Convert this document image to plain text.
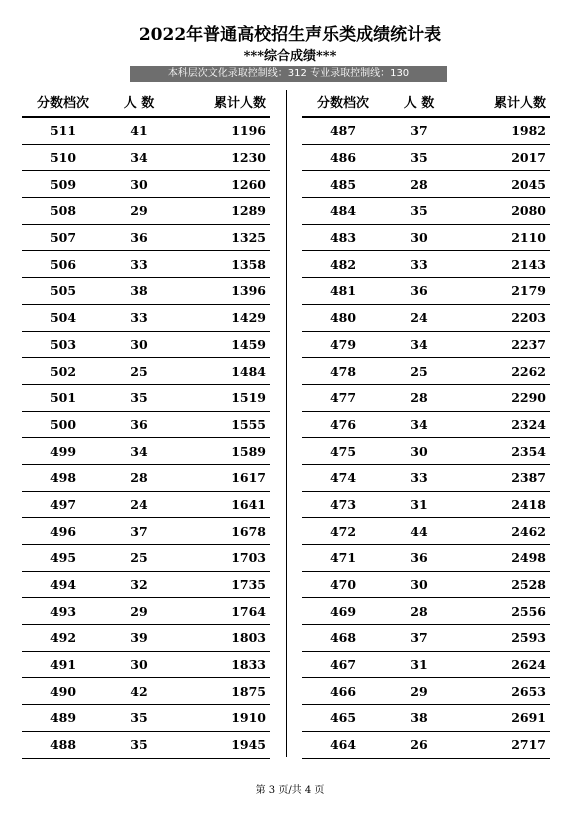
2022年普通高校招生声乐类成绩统计表
***综合成绩***
本科层次文化录取控制线：312 专业录取控制线：130
分数档次	人 数	累计人数
511	41	1196
510	34	1230
509	30	1260
508	29	1289
507	36	1325
506	33	1358
505	38	1396
504	33	1429
503	30	1459
502	25	1484
501	35	1519
500	36	1555
499	34	1589
498	28	1617
497	24	1641
496	37	1678
495	25	1703
494	32	1735
493	29	1764
492	39	1803
491	30	1833
490	42	1875
489	35	1910
488	35	1945
分数档次	人 数	累计人数
487	37	1982
486	35	2017
485	28	2045
484	35	2080
483	30	2110
482	33	2143
481	36	2179
480	24	2203
479	34	2237
478	25	2262
477	28	2290
476	34	2324
475	30	2354
474	33	2387
473	31	2418
472	44	2462
471	36	2498
470	30	2528
469	28	2556
468	37	2593
467	31	2624
466	29	2653
465	38	2691
464	26	2717
第 3 页/共 4 页
